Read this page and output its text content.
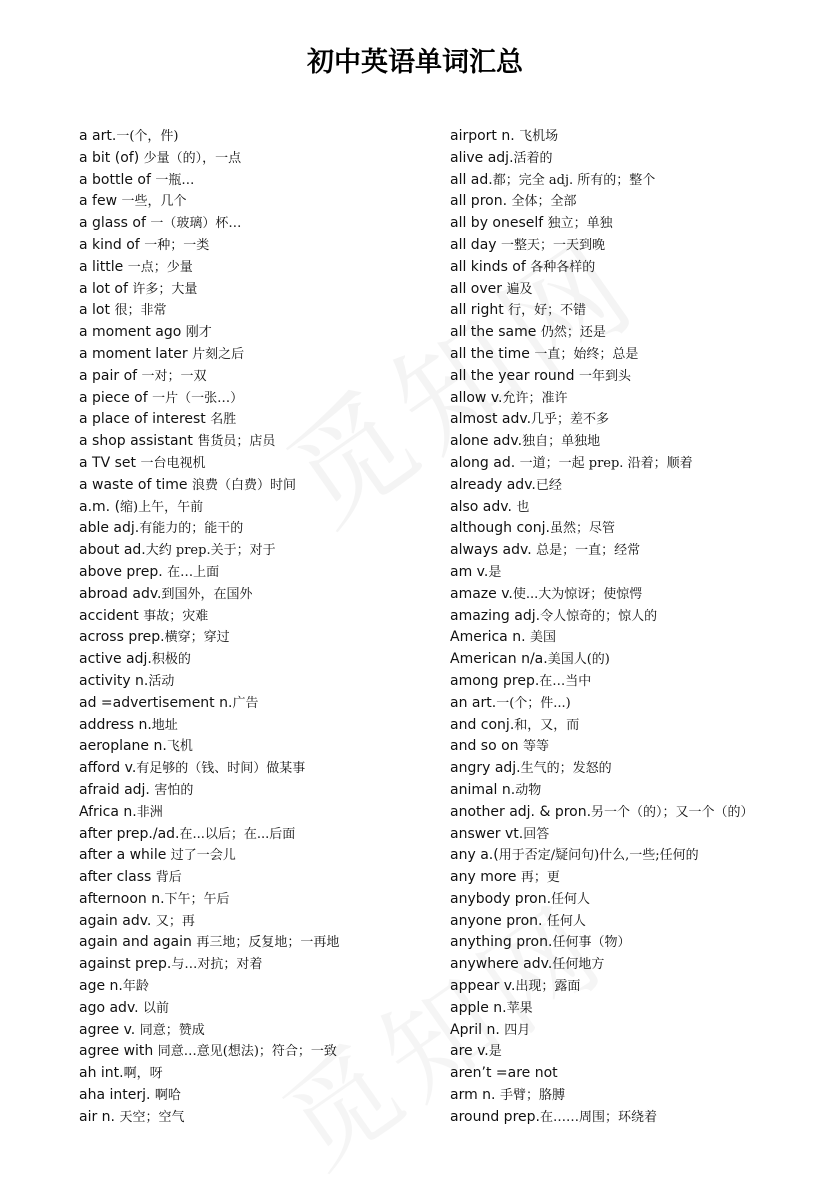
初中英语单词汇总
a art.一(个，件)
a bit (of) 少量（的），一点
a bottle of 一瓶…
a few 一些，几个
a glass of 一（玻璃）杯…
a kind of 一种；一类
a little 一点；少量
a lot of 许多；大量
a lot 很；非常
a moment ago 刚才
a moment later 片刻之后
a pair of 一对；一双
a piece of 一片（一张…）
a place of interest 名胜
a shop assistant 售货员；店员
a TV set 一台电视机
a waste of time 浪费（白费）时间
a.m. (缩)上午，午前
able adj.有能力的；能干的
about ad.大约 prep.关于；对于
above prep. 在…上面
abroad adv.到国外，在国外
accident 事故；灾难
across prep.横穿；穿过
active adj.积极的
activity n.活动
ad =advertisement n.广告
address n.地址
aeroplane n.飞机
afford v.有足够的（钱、时间）做某事
afraid adj. 害怕的
Africa n.非洲
after prep./ad.在...以后；在...后面
after a while 过了一会儿
after class 背后
afternoon n.下午；午后
again adv. 又；再
again and again 再三地；反复地；一再地
against prep.与…对抗；对着
age n.年龄
ago adv. 以前
agree v. 同意；赞成
agree with 同意…意见(想法)；符合；一致
ah int.啊，呀
aha interj. 啊哈
air n. 天空；空气
airport n. 飞机场
alive adj.活着的
all ad.都；完全 adj. 所有的；整个
all pron. 全体；全部
all by oneself 独立；单独
all day 一整天；一天到晚
all kinds of 各种各样的
all over 遍及
all right 行，好；不错
all the same 仍然；还是
all the time 一直；始终；总是
all the year round 一年到头
allow v.允许；准许
almost adv.几乎；差不多
alone adv.独自；单独地
along ad. 一道；一起 prep. 沿着；顺着
already adv.已经
also adv. 也
although conj.虽然；尽管
always adv. 总是；一直；经常
am v.是
amaze v.使...大为惊讶；使惊愕
amazing adj.令人惊奇的；惊人的
America n. 美国
American n/a.美国人(的)
among prep.在…当中
an art.一(个；件...)
and conj.和，又，而
and so on 等等
angry adj.生气的；发怒的
animal n.动物
another adj. & pron.另一个（的）；又一个（的）
answer vt.回答
any a.(用于否定/疑问句)什么,一些;任何的
any more 再；更
anybody pron.任何人
anyone pron. 任何人
anything pron.任何事（物）
anywhere adv.任何地方
appear v.出现；露面
apple n.苹果
April n. 四月
are v.是
aren’t =are not
arm n. 手臂；胳膊
around prep.在……周围；环绕着
